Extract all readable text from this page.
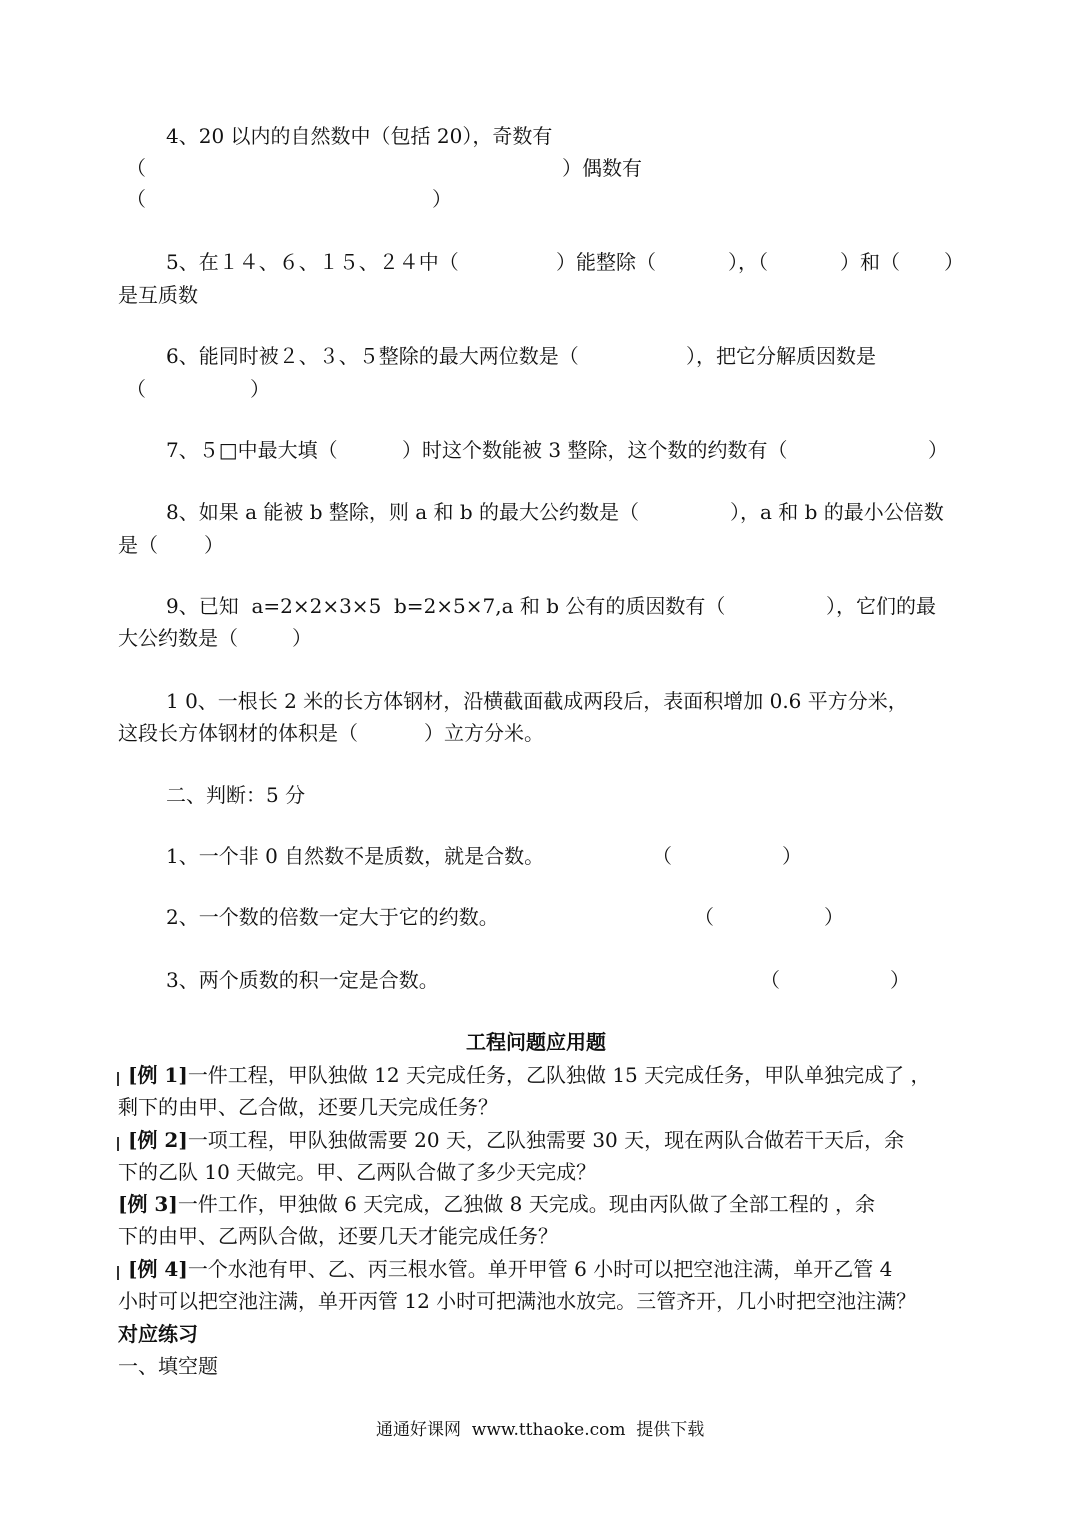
4、20 以内的自然数中（包括 20），奇数有
（	）偶数有
（	）
5、在１４、６、１５、２４中（	）能整除（	），（	）和（ ）
是互质数
6、能同时被２、３、５整除的最大两位数是（	），把它分解质因数是
（	）
7、５□中最大填（	）时这个数能被 3 整除，这个数的约数有（	）
8、如果 a 能被 b 整除，则 a 和 b 的最大公约数是（	），a 和 b 的最小公倍数
是（ ）
9、已知  a=2×2×3×5  b=2×5×7,a 和 b 公有的质因数有（	），它们的最
大公约数是（	）
1 0、一根长 2 米的长方体钢材，沿横截面截成两段后，表面积增加 0.6 平方分米，
这段长方体钢材的体积是（	）立方分米。
二、判断：5 分
1、一个非 0 自然数不是质数，就是合数。	（	）
2、一个数的倍数一定大于它的约数。	（	）
3、两个质数的积一定是合数。	（	）
工程问题应用题
[例 1]一件工程，甲队独做 12 天完成任务，乙队独做 15 天完成任务，甲队单独完成了 ，
剩下的由甲、乙合做，还要几天完成任务？
[例 2]一项工程，甲队独做需要 20 天，乙队独需要 30 天，现在两队合做若干天后，余
下的乙队 10 天做完。甲、乙两队合做了多少天完成？
[例 3]一件工作，甲独做 6 天完成，乙独做 8 天完成。现由丙队做了全部工程的 ，余
下的由甲、乙两队合做，还要几天才能完成任务？
[例 4]一个水池有甲、乙、丙三根水管。单开甲管 6 小时可以把空池注满，单开乙管 4
小时可以把空池注满，单开丙管 12 小时可把满池水放完。三管齐开，几小时把空池注满？
对应练习
一、填空题
通通好课网  www.tthaoke.com  提供下载
